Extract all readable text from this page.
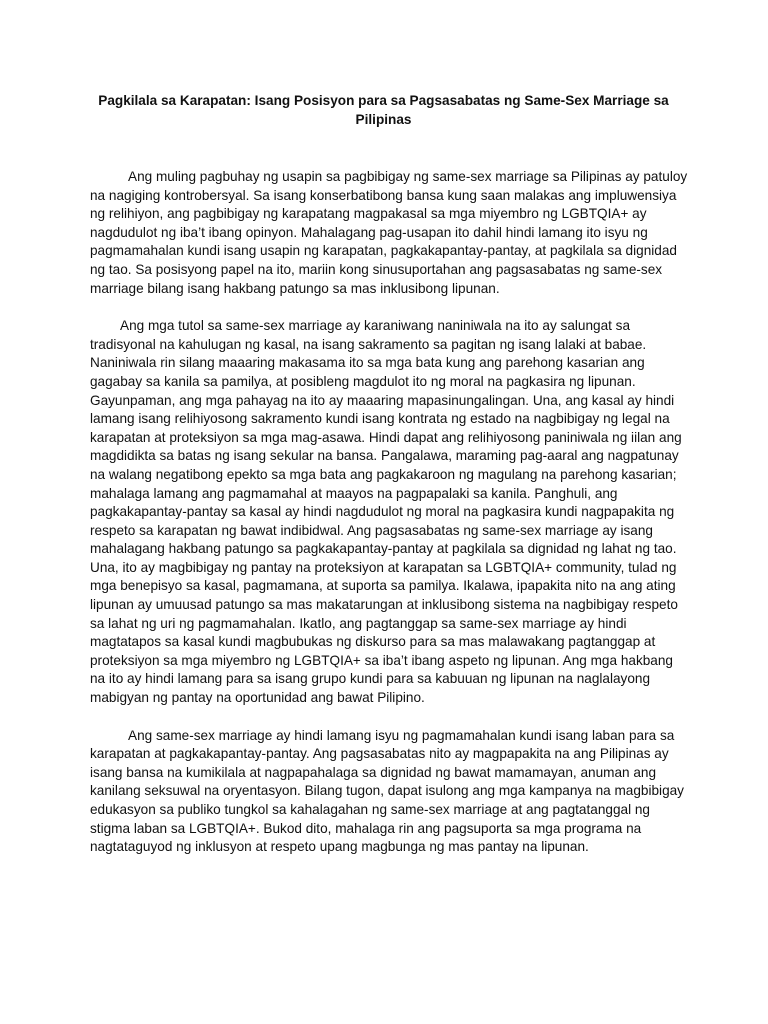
Pagkilala sa Karapatan: Isang Posisyon para sa Pagsasabatas ng Same-Sex Marriage sa Pilipinas

Ang muling pagbuhay ng usapin sa pagbibigay ng same-sex marriage sa Pilipinas ay patuloy na nagiging kontrobersyal. Sa isang konserbatibong bansa kung saan malakas ang impluwensiya ng relihiyon, ang pagbibigay ng karapatang magpakasal sa mga miyembro ng LGBTQIA+ ay nagdudulot ng iba’t ibang opinyon. Mahalagang pag-usapan ito dahil hindi lamang ito isyu ng pagmamahalan kundi isang usapin ng karapatan, pagkakapantay-pantay, at pagkilala sa dignidad ng tao. Sa posisyong papel na ito, mariin kong sinusuportahan ang pagsasabatas ng same-sex marriage bilang isang hakbang patungo sa mas inklusibong lipunan.

Ang mga tutol sa same-sex marriage ay karaniwang naniniwala na ito ay salungat sa tradisyonal na kahulugan ng kasal, na isang sakramento sa pagitan ng isang lalaki at babae. Naniniwala rin silang maaaring makasama ito sa mga bata kung ang parehong kasarian ang gagabay sa kanila sa pamilya, at posibleng magdulot ito ng moral na pagkasira ng lipunan. Gayunpaman, ang mga pahayag na ito ay maaaring mapasinungalingan. Una, ang kasal ay hindi lamang isang relihiyosong sakramento kundi isang kontrata ng estado na nagbibigay ng legal na karapatan at proteksiyon sa mga mag-asawa. Hindi dapat ang relihiyosong paniniwala ng iilan ang magdidikta sa batas ng isang sekular na bansa. Pangalawa, maraming pag-aaral ang nagpatunay na walang negatibong epekto sa mga bata ang pagkakaroon ng magulang na parehong kasarian; mahalaga lamang ang pagmamahal at maayos na pagpapalaki sa kanila. Panghuli, ang pagkakapantay-pantay sa kasal ay hindi nagdudulot ng moral na pagkasira kundi nagpapakita ng respeto sa karapatan ng bawat indibidwal. Ang pagsasabatas ng same-sex marriage ay isang mahalagang hakbang patungo sa pagkakapantay-pantay at pagkilala sa dignidad ng lahat ng tao. Una, ito ay magbibigay ng pantay na proteksiyon at karapatan sa LGBTQIA+ community, tulad ng mga benepisyo sa kasal, pagmamana, at suporta sa pamilya. Ikalawa, ipapakita nito na ang ating lipunan ay umuusad patungo sa mas makatarungan at inklusibong sistema na nagbibigay respeto sa lahat ng uri ng pagmamahalan. Ikatlo, ang pagtanggap sa same-sex marriage ay hindi magtatapos sa kasal kundi magbubukas ng diskurso para sa mas malawakang pagtanggap at proteksiyon sa mga miyembro ng LGBTQIA+ sa iba’t ibang aspeto ng lipunan. Ang mga hakbang na ito ay hindi lamang para sa isang grupo kundi para sa kabuuan ng lipunan na naglalayong mabigyan ng pantay na oportunidad ang bawat Pilipino.

Ang same-sex marriage ay hindi lamang isyu ng pagmamahalan kundi isang laban para sa karapatan at pagkakapantay-pantay. Ang pagsasabatas nito ay magpapakita na ang Pilipinas ay isang bansa na kumikilala at nagpapahalaga sa dignidad ng bawat mamamayan, anuman ang kanilang seksuwal na oryentasyon. Bilang tugon, dapat isulong ang mga kampanya na magbibigay edukasyon sa publiko tungkol sa kahalagahan ng same-sex marriage at ang pagtatanggal ng stigma laban sa LGBTQIA+. Bukod dito, mahalaga rin ang pagsuporta sa mga programa na nagtataguyod ng inklusyon at respeto upang magbunga ng mas pantay na lipunan.
